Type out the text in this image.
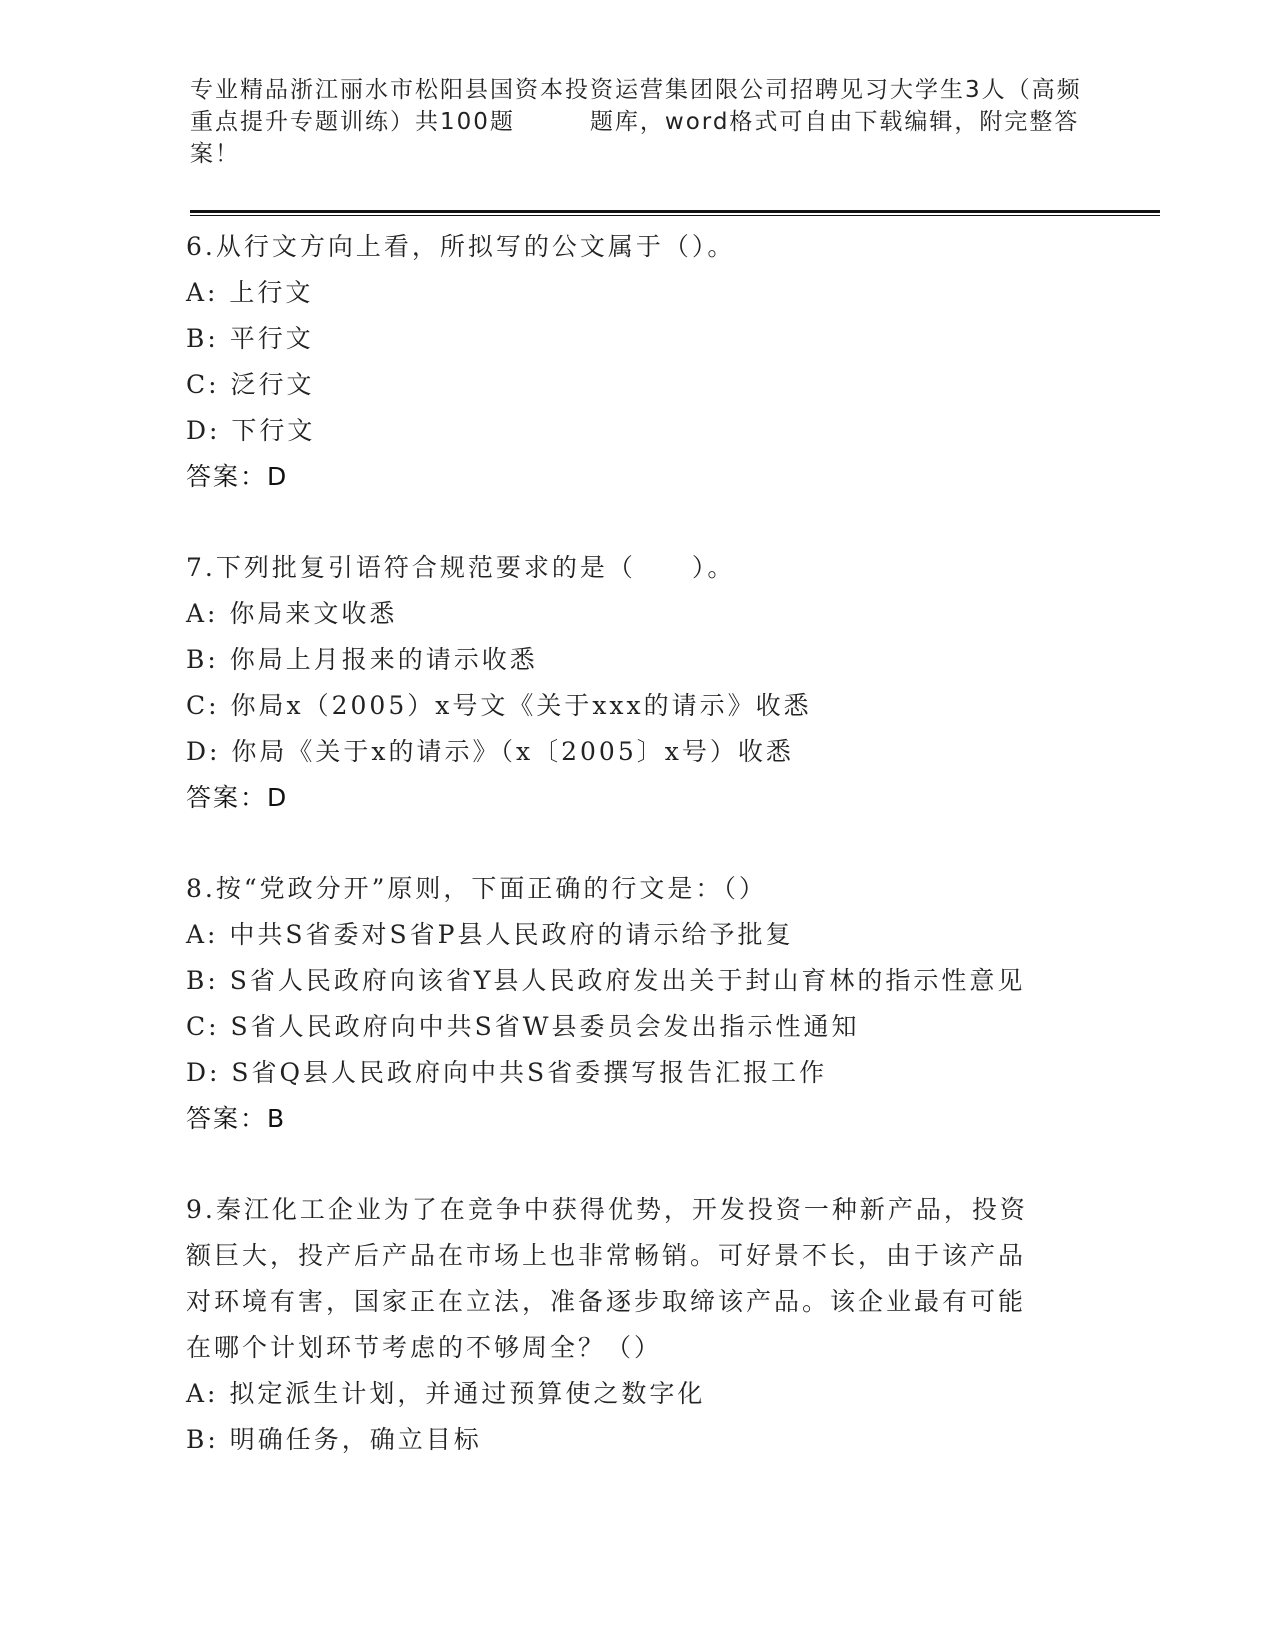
专业精品浙江丽水市松阳县国资本投资运营集团限公司招聘见习大学生3人（高频
重点提升专题训练）共100题　　　题库，word格式可自由下载编辑，附完整答
案！
6.从行文方向上看，所拟写的公文属于（）。
A: 上行文
B: 平行文
C: 泛行文
D: 下行文
答案：D
7.下列批复引语符合规范要求的是（　　）。
A: 你局来文收悉
B: 你局上月报来的请示收悉
C: 你局x（2005）x号文《关于xxx的请示》收悉
D: 你局《关于x的请示》（x〔2005〕x号）收悉
答案：D
8.按“党政分开”原则，下面正确的行文是：（）
A: 中共S省委对S省P县人民政府的请示给予批复
B: S省人民政府向该省Y县人民政府发出关于封山育林的指示性意见
C: S省人民政府向中共S省W县委员会发出指示性通知
D: S省Q县人民政府向中共S省委撰写报告汇报工作
答案：B
9.秦江化工企业为了在竞争中获得优势，开发投资一种新产品，投资
额巨大，投产后产品在市场上也非常畅销。可好景不长，由于该产品
对环境有害，国家正在立法，准备逐步取缔该产品。该企业最有可能
在哪个计划环节考虑的不够周全？（）
A: 拟定派生计划，并通过预算使之数字化
B: 明确任务，确立目标
